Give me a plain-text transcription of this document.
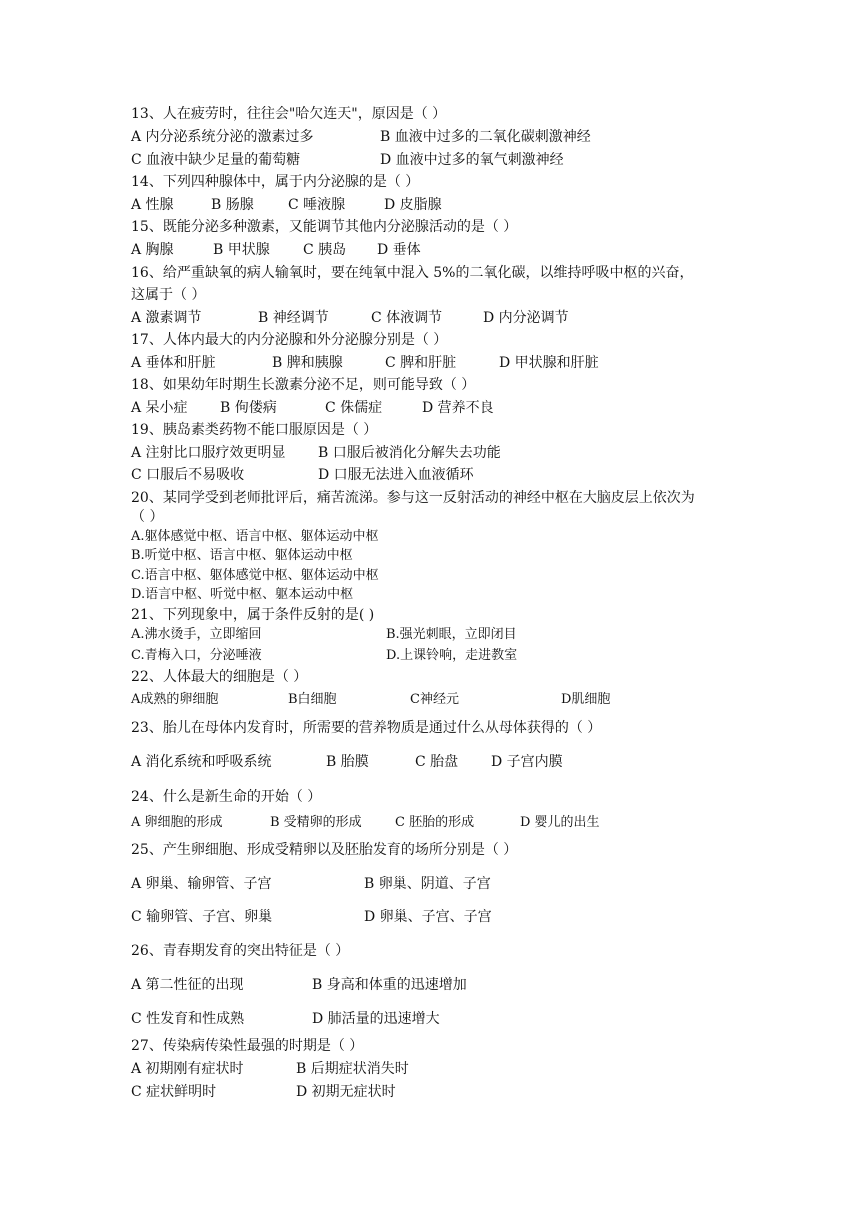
13、人在疲劳时，往往会"哈欠连天"，原因是（ ）
A 内分泌系统分泌的激素过多	B 血液中过多的二氧化碳刺激神经
C 血液中缺少足量的葡萄糖	D 血液中过多的氧气刺激神经
14、下列四种腺体中，属于内分泌腺的是（ ）
A 性腺	B 肠腺 C 唾液腺	D 皮脂腺
15、既能分泌多种激素，又能调节其他内分泌腺活动的是（ ）
A 胸腺	B 甲状腺 C 胰岛 D 垂体
16、给严重缺氧的病人输氧时，要在纯氧中混入 5%的二氧化碳，以维持呼吸中枢的兴奋，
这属于（ ）
A 激素调节	B 神经调节	C 体液调节	D 内分泌调节
17、人体内最大的内分泌腺和外分泌腺分别是（ ）
A 垂体和肝脏	B 脾和胰腺	C 脾和肝脏	D 甲状腺和肝脏
18、如果幼年时期生长激素分泌不足，则可能导致（ ）
A 呆小症 B 佝偻病	C 侏儒症	D 营养不良
19、胰岛素类药物不能口服原因是（ ）
A 注射比口服疗效更明显 B 口服后被消化分解失去功能
C 口服后不易吸收	D 口服无法进入血液循环
20、某同学受到老师批评后，痛苦流涕。参与这一反射活动的神经中枢在大脑皮层上依次为
（ ）
A.躯体感觉中枢、语言中枢、躯体运动中枢
B.听觉中枢、语言中枢、躯体运动中枢
C.语言中枢、躯体感觉中枢、躯体运动中枢
D.语言中枢、听觉中枢、躯本运动中枢
21、下列现象中，属于条件反射的是( )
A.沸水烫手，立即缩回	B.强光刺眼，立即闭目
C.青梅入口，分泌唾液	D.上课铃响，走进教室
22、人体最大的细胞是（ ）
A成熟的卵细胞	B白细胞	C神经元	D肌细胞
23、胎儿在母体内发育时，所需要的营养物质是通过什么从母体获得的（ ）
A 消化系统和呼吸系统	B 胎膜	C 胎盘 D 子宫内膜
24、什么是新生命的开始（ ）
A 卵细胞的形成	B 受精卵的形成	C 胚胎的形成	D 婴儿的出生
25、产生卵细胞、形成受精卵以及胚胎发育的场所分别是（ ）
A 卵巢、输卵管、子宫	B 卵巢、阴道、子宫
C 输卵管、子宫、卵巢	D 卵巢、子宫、子宫
26、青春期发育的突出特征是（ ）
A 第二性征的出现	B 身高和体重的迅速增加
C 性发育和性成熟	D 肺活量的迅速增大
27、传染病传染性最强的时期是（ ）
A 初期刚有症状时	B 后期症状消失时
C 症状鲜明时	D 初期无症状时
